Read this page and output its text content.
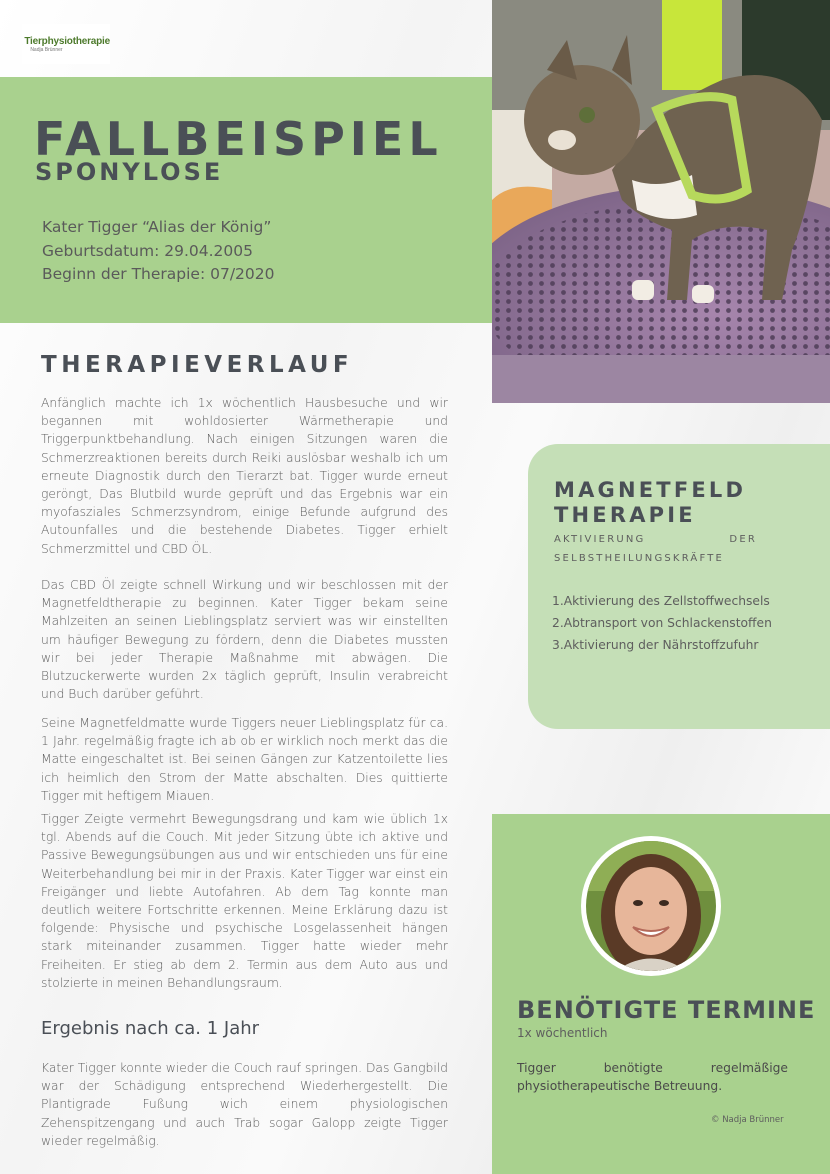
Tierphysiotherapie
Nadja Brünner
FALLBEISPIEL
SPONYLOSE
Kater Tigger “Alias der König”
Geburtsdatum: 29.04.2005
Beginn der Therapie: 07/2020
THERAPIEVERLAUF

Anfänglich machte ich 1x wöchentlich Hausbesuche und wir begannen mit wohldosierter Wärmetherapie und Triggerpunktbehandlung. Nach einigen Sitzungen waren die Schmerzreaktionen bereits durch Reiki auslösbar weshalb ich um erneute Diagnostik durch den Tierarzt bat. Tigger wurde erneut geröngt, Das Blutbild wurde geprüft und das Ergebnis war ein myofasziales Schmerzsyndrom, einige Befunde aufgrund des Autounfalles und die bestehende Diabetes. Tigger erhielt Schmerzmittel und CBD ÖL.

Das CBD Öl zeigte schnell Wirkung und wir beschlossen mit der Magnetfeldtherapie zu beginnen. Kater Tigger bekam seine Mahlzeiten an seinen Lieblingsplatz serviert was wir einstellten um häufiger Bewegung zu fördern, denn die Diabetes mussten wir bei jeder Therapie Maßnahme mit abwägen. Die Blutzuckerwerte wurden 2x täglich geprüft, Insulin verabreicht und Buch darüber geführt.

Seine Magnetfeldmatte wurde Tiggers neuer Lieblingsplatz für ca. 1 Jahr. regelmäßig fragte ich ab ob er wirklich noch merkt das die Matte eingeschaltet ist. Bei seinen Gängen zur Katzentoilette lies ich heimlich den Strom der Matte abschalten. Dies quittierte Tigger mit heftigem Miauen.

Tigger Zeigte vermehrt Bewegungsdrang und kam wie üblich 1x tgl. Abends auf die Couch. Mit jeder Sitzung übte ich aktive und Passive Bewegungsübungen aus und wir entschieden uns für eine Weiterbehandlung bei mir in der Praxis. Kater Tigger war einst ein Freigänger und liebte Autofahren. Ab dem Tag konnte man deutlich weitere Fortschritte erkennen. Meine Erklärung dazu ist folgende: Physische und psychische Losgelassenheit hängen stark miteinander zusammen. Tigger hatte wieder mehr Freiheiten. Er stieg ab dem 2. Termin aus dem Auto aus und stolzierte in meinen Behandlungsraum.

Ergebnis nach ca. 1 Jahr

Kater Tigger konnte wieder die Couch rauf springen. Das Gangbild war der Schädigung entsprechend Wiederhergestellt. Die Plantigrade Fußung wich einem physiologischen Zehenspitzengang und auch Trab sogar Galopp zeigte Tigger wieder regelmäßig.

MAGNETFELD
THERAPIE
AKTIVIERUNG DER
SELBSTHEILUNGSKRÄFTE
1.Aktivierung des Zellstoffwechsels
2.Abtransport von Schlackenstoffen
3.Aktivierung der Nährstoffzufuhr
BENÖTIGTE TERMINE
1x wöchentlich

Tigger benötigte regelmäßige physiotherapeutische Betreuung.

© Nadja Brünner
